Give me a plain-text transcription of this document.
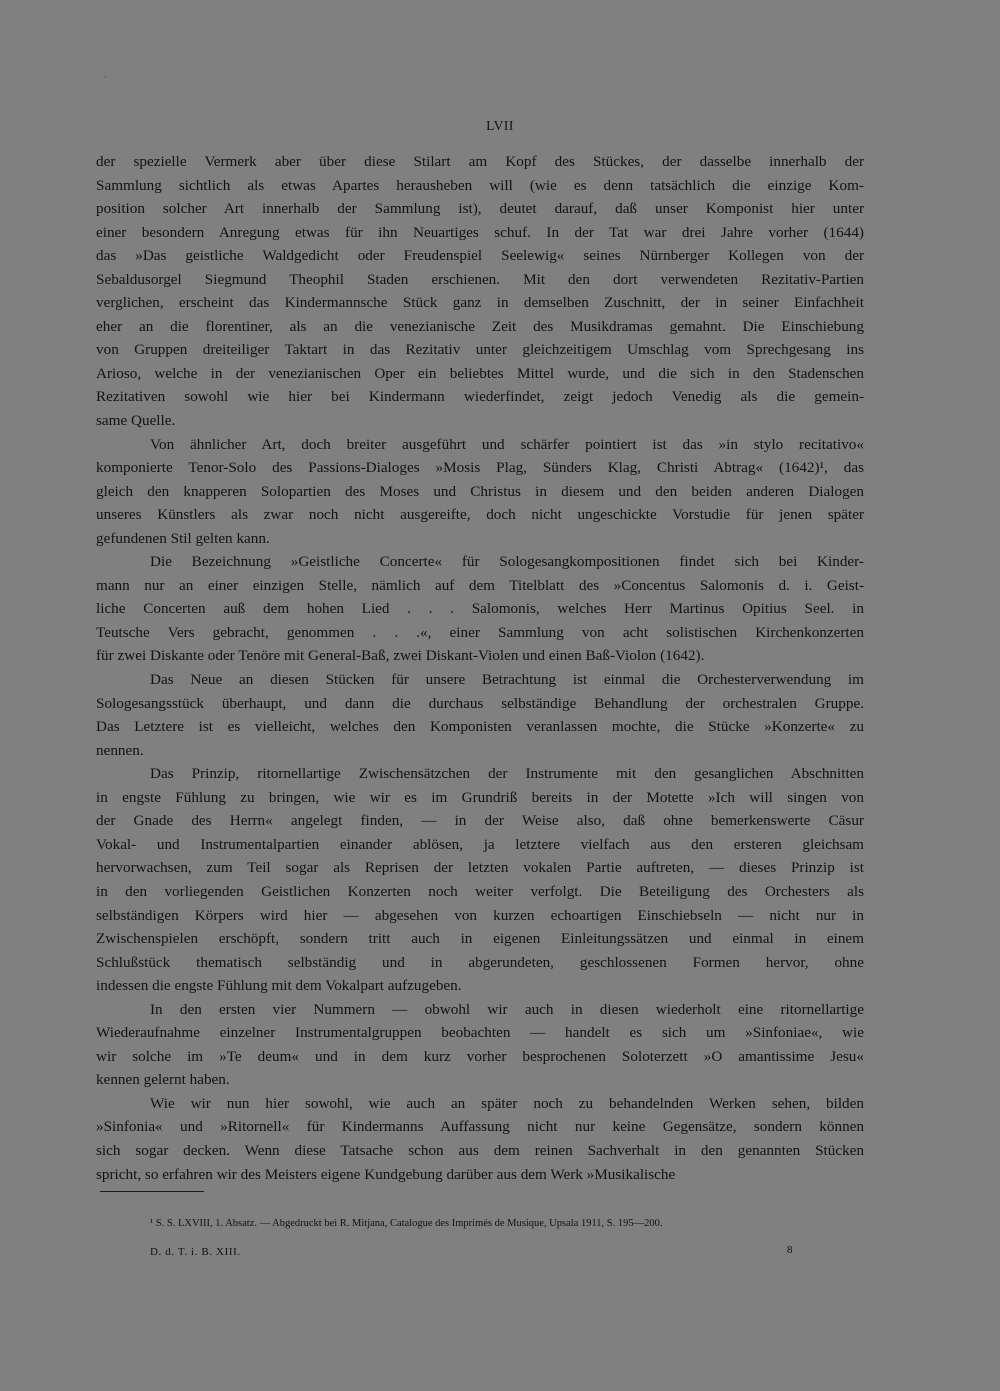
LVII
der spezielle Vermerk aber über diese Stilart am Kopf des Stückes, der dasselbe innerhalb der
Sammlung sichtlich als etwas Apartes herausheben will (wie es denn tatsächlich die einzige Kom-
position solcher Art innerhalb der Sammlung ist), deutet darauf, daß unser Komponist hier unter
einer besondern Anregung etwas für ihn Neuartiges schuf. In der Tat war drei Jahre vorher (1644)
das »Das geistliche Waldgedicht oder Freudenspiel Seelewig« seines Nürnberger Kollegen von der
Sebaldusorgel Siegmund Theophil Staden erschienen. Mit den dort verwendeten Rezitativ-Partien
verglichen, erscheint das Kindermannsche Stück ganz in demselben Zuschnitt, der in seiner Einfachheit
eher an die florentiner, als an die venezianische Zeit des Musikdramas gemahnt. Die Einschiebung
von Gruppen dreiteiliger Taktart in das Rezitativ unter gleichzeitigem Umschlag vom Sprechgesang ins
Arioso, welche in der venezianischen Oper ein beliebtes Mittel wurde, und die sich in den Stadenschen
Rezitativen sowohl wie hier bei Kindermann wiederfindet, zeigt jedoch Venedig als die gemein-
same Quelle.
Von ähnlicher Art, doch breiter ausgeführt und schärfer pointiert ist das »in stylo recitativo«
komponierte Tenor-Solo des Passions-Dialoges »Mosis Plag, Sünders Klag, Christi Abtrag« (1642)¹, das
gleich den knapperen Solopartien des Moses und Christus in diesem und den beiden anderen Dialogen
unseres Künstlers als zwar noch nicht ausgereifte, doch nicht ungeschickte Vorstudie für jenen später
gefundenen Stil gelten kann.
Die Bezeichnung »Geistliche Concerte« für Sologesangkompositionen findet sich bei Kinder-
mann nur an einer einzigen Stelle, nämlich auf dem Titelblatt des »Concentus Salomonis d. i. Geist-
liche Concerten auß dem hohen Lied . . . Salomonis, welches Herr Martinus Opitius Seel. in
Teutsche Vers gebracht, genommen . . .«, einer Sammlung von acht solistischen Kirchenkonzerten
für zwei Diskante oder Tenöre mit General-Baß, zwei Diskant-Violen und einen Baß-Violon (1642).
Das Neue an diesen Stücken für unsere Betrachtung ist einmal die Orchesterverwendung im
Sologesangsstück überhaupt, und dann die durchaus selbständige Behandlung der orchestralen Gruppe.
Das Letztere ist es vielleicht, welches den Komponisten veranlassen mochte, die Stücke »Konzerte« zu
nennen.
Das Prinzip, ritornellartige Zwischensätzchen der Instrumente mit den gesanglichen Abschnitten
in engste Fühlung zu bringen, wie wir es im Grundriß bereits in der Motette »Ich will singen von
der Gnade des Herrn« angelegt finden, — in der Weise also, daß ohne bemerkenswerte Cäsur
Vokal- und Instrumentalpartien einander ablösen, ja letztere vielfach aus den ersteren gleichsam
hervorwachsen, zum Teil sogar als Reprisen der letzten vokalen Partie auftreten, — dieses Prinzip ist
in den vorliegenden Geistlichen Konzerten noch weiter verfolgt. Die Beteiligung des Orchesters als
selbständigen Körpers wird hier — abgesehen von kurzen echoartigen Einschiebseln — nicht nur in
Zwischenspielen erschöpft, sondern tritt auch in eigenen Einleitungssätzen und einmal in einem
Schlußstück thematisch selbständig und in abgerundeten, geschlossenen Formen hervor, ohne
indessen die engste Fühlung mit dem Vokalpart aufzugeben.
In den ersten vier Nummern — obwohl wir auch in diesen wiederholt eine ritornellartige
Wiederaufnahme einzelner Instrumentalgruppen beobachten — handelt es sich um »Sinfoniae«, wie
wir solche im »Te deum« und in dem kurz vorher besprochenen Soloterzett »O amantissime Jesu«
kennen gelernt haben.
Wie wir nun hier sowohl, wie auch an später noch zu behandelnden Werken sehen, bilden
»Sinfonia« und »Ritornell« für Kindermanns Auffassung nicht nur keine Gegensätze, sondern können
sich sogar decken. Wenn diese Tatsache schon aus dem reinen Sachverhalt in den genannten Stücken
spricht, so erfahren wir des Meisters eigene Kundgebung darüber aus dem Werk »Musikalische
¹ S. S. LXVIII, 1. Absatz. — Abgedruckt bei R. Mitjana, Catalogue des Imprimés de Musique, Upsala 1911, S. 195—200.
D. d. T. i. B. XIII.	8
